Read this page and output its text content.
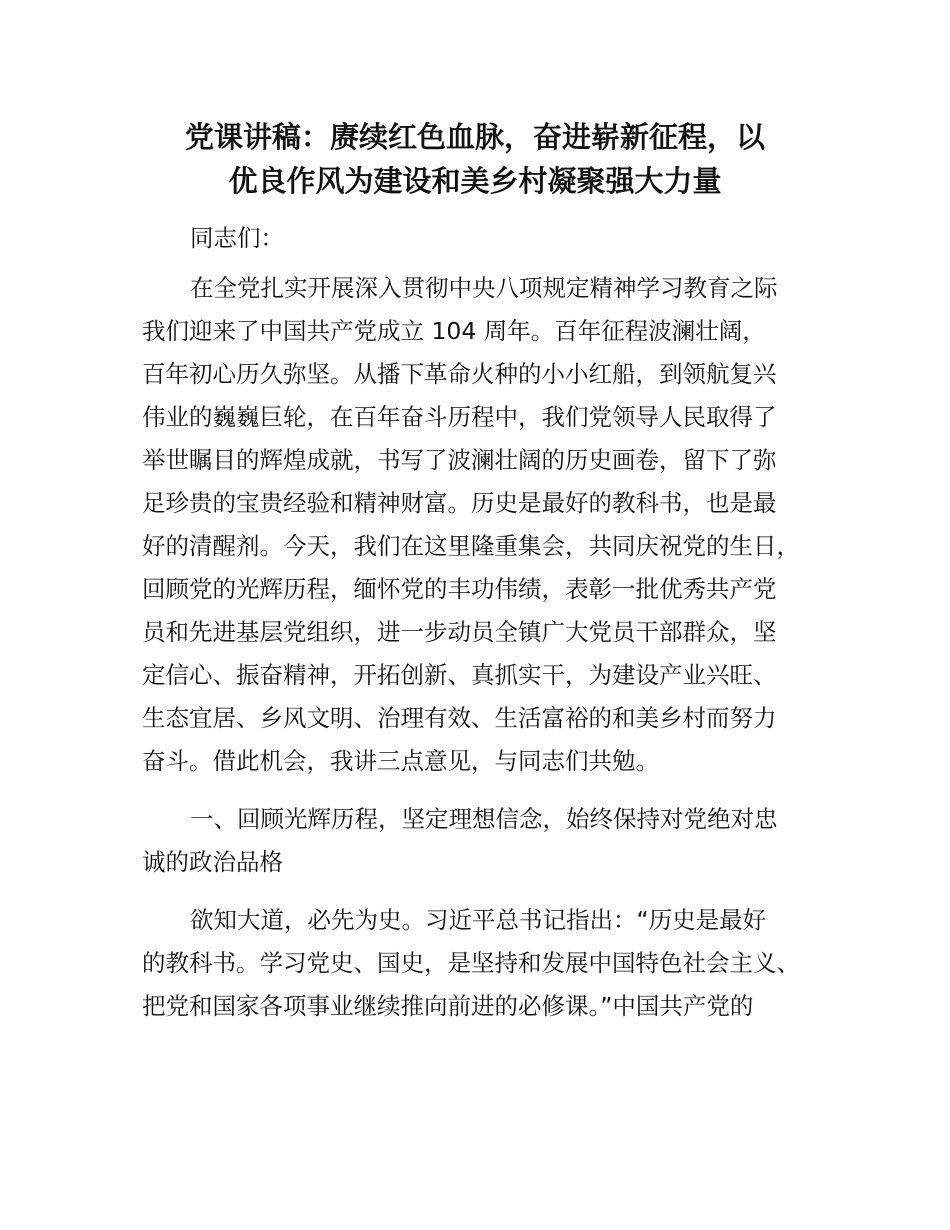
党课讲稿：赓续红色血脉，奋进崭新征程，以
优良作风为建设和美乡村凝聚强大力量
同志们：
在全党扎实开展深入贯彻中央八项规定精神学习教育之际
我们迎来了中国共产党成立 104 周年。百年征程波澜壮阔，
百年初心历久弥坚。从播下革命火种的小小红船，到领航复兴
伟业的巍巍巨轮，在百年奋斗历程中，我们党领导人民取得了
举世瞩目的辉煌成就，书写了波澜壮阔的历史画卷，留下了弥
足珍贵的宝贵经验和精神财富。历史是最好的教科书，也是最
好的清醒剂。今天，我们在这里隆重集会，共同庆祝党的生日，
回顾党的光辉历程，缅怀党的丰功伟绩，表彰一批优秀共产党
员和先进基层党组织，进一步动员全镇广大党员干部群众，坚
定信心、振奋精神，开拓创新、真抓实干，为建设产业兴旺、
生态宜居、乡风文明、治理有效、生活富裕的和美乡村而努力
奋斗。借此机会，我讲三点意见，与同志们共勉。
一、回顾光辉历程，坚定理想信念，始终保持对党绝对忠
诚的政治品格
欲知大道，必先为史。习近平总书记指出：“历史是最好
的教科书。学习党史、国史，是坚持和发展中国特色社会主义、
把党和国家各项事业继续推向前进的必修课。”中国共产党的
